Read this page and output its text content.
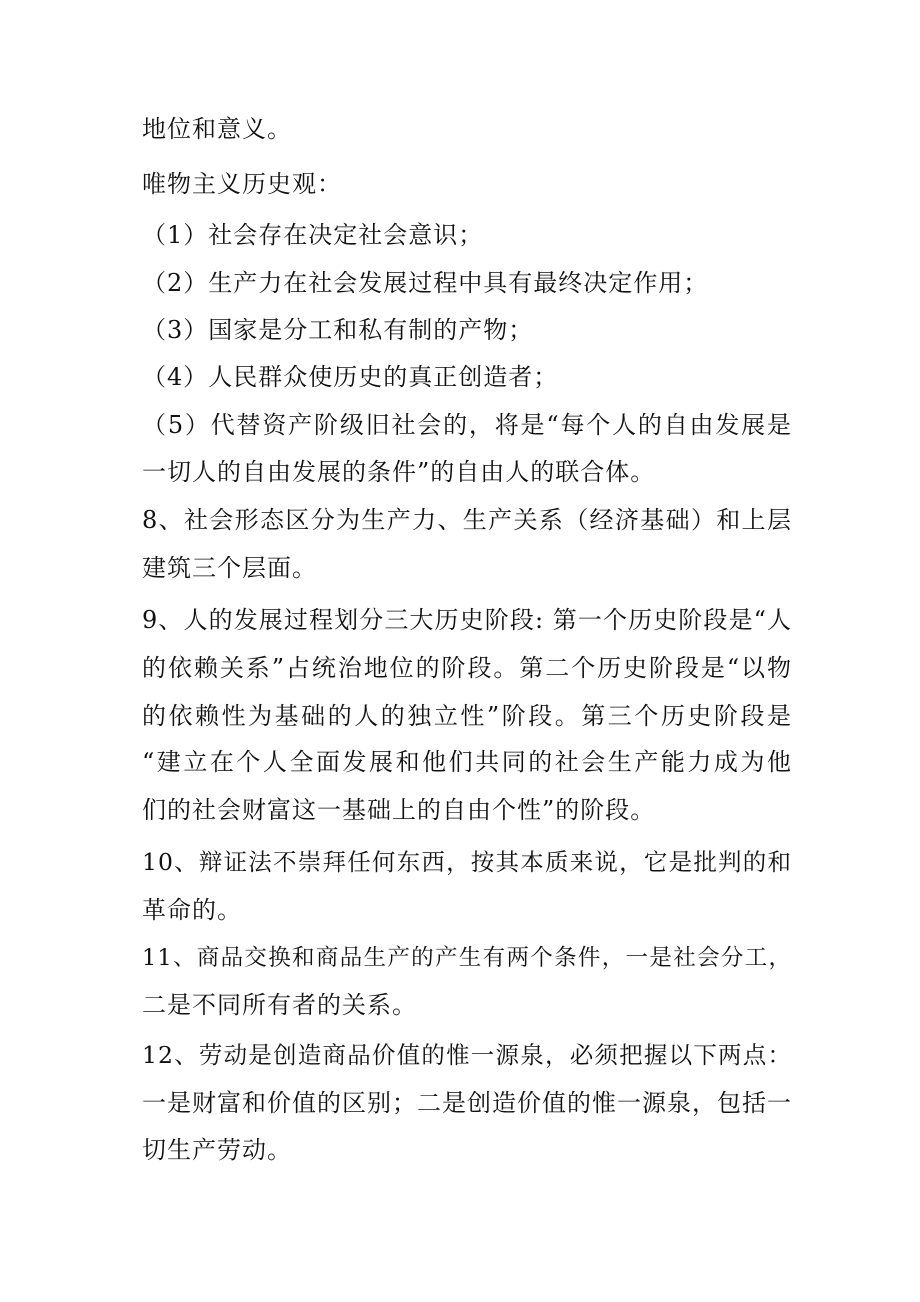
地位和意义。
唯物主义历史观：
（1）社会存在决定社会意识；
（2）生产力在社会发展过程中具有最终决定作用；
（3）国家是分工和私有制的产物；
（4）人民群众使历史的真正创造者；
（5）代替资产阶级旧社会的，将是“每个人的自由发展是
一切人的自由发展的条件”的自由人的联合体。
8、社会形态区分为生产力、生产关系（经济基础）和上层
建筑三个层面。
9、人的发展过程划分三大历史阶段: 第一个历史阶段是“人
的依赖关系”占统治地位的阶段。第二个历史阶段是“以物
的依赖性为基础的人的独立性”阶段。第三个历史阶段是
“建立在个人全面发展和他们共同的社会生产能力成为他
们的社会财富这一基础上的自由个性”的阶段。
10、辩证法不崇拜任何东西，按其本质来说，它是批判的和
革命的。
11、商品交换和商品生产的产生有两个条件，一是社会分工，
二是不同所有者的关系。
12、劳动是创造商品价值的惟一源泉，必须把握以下两点：
一是财富和价值的区别；二是创造价值的惟一源泉，包括一
切生产劳动。
